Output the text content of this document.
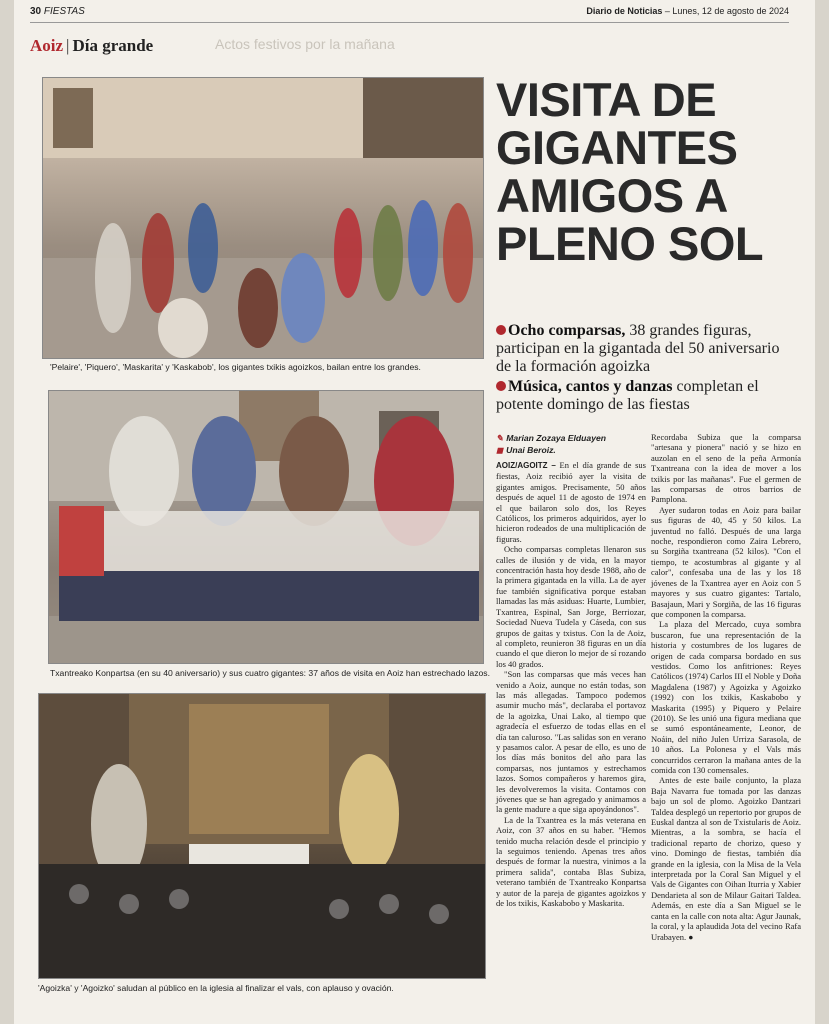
30 FIESTAS	Diario de Noticias – Lunes, 12 de agosto de 2024
Aoiz | Día grande	Actos festivos por la mañana
'Pelaire', 'Piquero', 'Maskarita' y 'Kaskabob', los gigantes txikis agoizkos, bailan entre los grandes.
Txantreako Konpartsa (en su 40 aniversario) y sus cuatro gigantes: 37 años de visita en Aoiz han estrechado lazos.
'Agoizka' y 'Agoizko' saludan al público en la iglesia al finalizar el vals, con aplauso y ovación.
VISITA DE GIGANTES AMIGOS A PLENO SOL

Ocho comparsas, 38 grandes figuras, participan en la gigantada del 50 aniversario de la formación agoizka

Música, cantos y danzas completan el potente domingo de las fiestas

✎ Marian Zozaya Elduayen
◼ Unai Beroiz.

AOIZ/AGOITZ – En el día grande de sus fiestas, Aoiz recibió ayer la visita de gigantes amigos. Precisamente, 50 años después de aquel 11 de agosto de 1974 en el que bailaron solo dos, los Reyes Católicos, los primeros adquiridos, ayer lo hicieron rodeados de una multiplicación de figuras.

Ocho comparsas completas llenaron sus calles de ilusión y de vida, en la mayor concentración hasta hoy desde 1988, año de la primera gigantada en la villa. La de ayer fue también significativa porque estaban llamadas las más asiduas: Huarte, Lumbier, Txantrea, Espinal, San Jorge, Berriozar, Sociedad Nueva Tudela y Cáseda, con sus grupos de gaitas y txistus. Con la de Aoiz, al completo, reunieron 38 figuras en un día cuando el que dieron lo mejor de sí rozando los 40 grados.

"Son las comparsas que más veces han venido a Aoiz, aunque no están todas, son las más allegadas. Tampoco podemos asumir mucho más", declaraba el portavoz de la agoizka, Unai Lako, al tiempo que agradecía el esfuerzo de todas ellas en el día tan caluroso. "Las salidas son en verano y pasamos calor. A pesar de ello, es uno de los días más bonitos del año para las comparsas, nos juntamos y estrechamos lazos. Somos compañeros y haremos gira, les devolveremos la visita. Contamos con jóvenes que se han agregado y animamos a la gente madure a que siga apoyándonos".

La de la Txantrea es la más veterana en Aoiz, con 37 años en su haber. "Hemos tenido mucha relación desde el principio y la seguimos teniendo. Apenas tres años después de formar la nuestra, vinimos a la primera salida", contaba Blas Subiza, veterano también de Txantreako Konpartsa y autor de la pareja de gigantes agoizkos y de los txikis, Kaskabobo y Maskarita.

Recordaba Subiza que la comparsa "artesana y pionera" nació y se hizo en auzolan en el seno de la peña Armonía Txantreana con la idea de mover a los txikis por las mañanas". Fue el germen de las comparsas de otros barrios de Pamplona.

Ayer sudaron todas en Aoiz para bailar sus figuras de 40, 45 y 50 kilos. La juventud no falló. Después de una larga noche, respondieron como Zaira Lebrero, su Sorgiña txantreana (52 kilos). "Con el tiempo, te acostumbras al gigante y al calor", confesaba una de las y los 18 jóvenes de la Txantrea ayer en Aoiz con 5 mayores y sus cuatro gigantes: Tartalo, Basajaun, Mari y Sorgiña, de las 16 figuras que componen la comparsa.

La plaza del Mercado, cuya sombra buscaron, fue una representación de la historia y costumbres de los lugares de origen de cada comparsa bordado en sus vestidos. Como los anfitriones: Reyes Católicos (1974) Carlos III el Noble y Doña Magdalena (1987) y Agoizka y Agoizko (1992) con los txikis, Kaskabobo y Maskarita (1995) y Piquero y Pelaire (2010). Se les unió una figura mediana que se sumó espontáneamente, Leonor, de Noáin, del niño Julen Urriza Sarasola, de 10 años. La Polonesa y el Vals más concurridos cerraron la mañana antes de la comida con 130 comensales.

Antes de este baile conjunto, la plaza Baja Navarra fue tomada por las danzas bajo un sol de plomo. Agoizko Dantzari Taldea desplegó un repertorio por grupos de Euskal dantza al son de Txistularis de Aoiz. Mientras, a la sombra, se hacía el tradicional reparto de chorizo, queso y vino. Domingo de fiestas, también día grande en la iglesia, con la Misa de la Vela interpretada por la Coral San Miguel y el Vals de Gigantes con Oihan Iturria y Xabier Dendarieta al son de Milaur Gaitari Taldea. Además, en este día a San Miguel se le canta en la calle con nota alta: Agur Jaunak, la coral, y la aplaudida Jota del vecino Rafa Urabayen. ●
